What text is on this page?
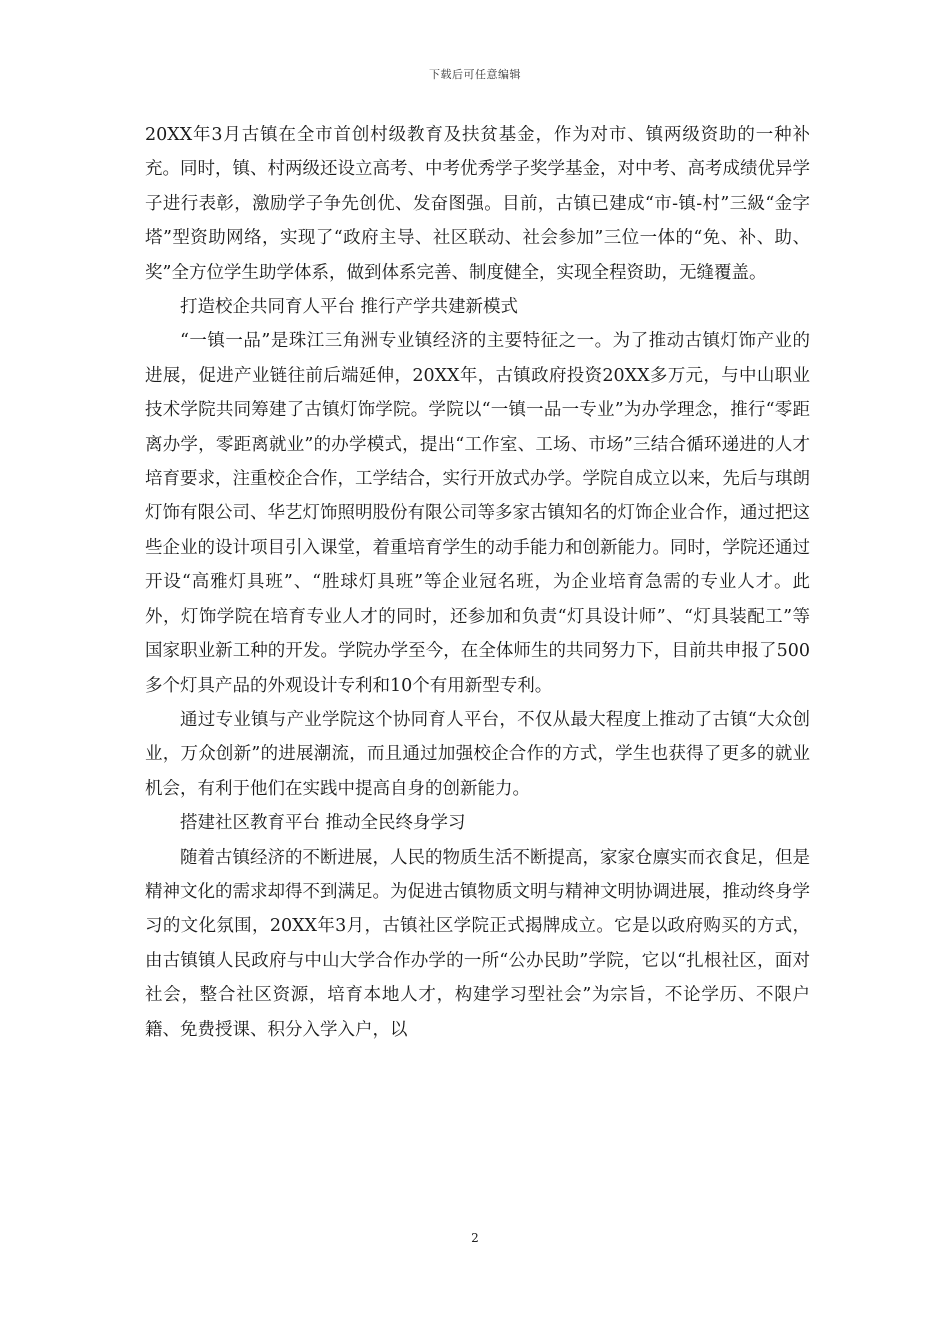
下载后可任意编辑

20XX年3月古镇在全市首创村级教育及扶贫基金，作为对市、镇两级资助的一种补充。同时，镇、村两级还设立高考、中考优秀学子奖学基金，对中考、高考成绩优异学子进行表彰，激励学子争先创优、发奋图强。目前，古镇已建成“市-镇-村”三級“金字塔”型资助网络，实现了“政府主导、社区联动、社会参加”三位一体的“免、补、助、奖”全方位学生助学体系，做到体系完善、制度健全，实现全程资助，无缝覆盖。

打造校企共同育人平台 推行产学共建新模式

“一镇一品”是珠江三角洲专业镇经济的主要特征之一。为了推动古镇灯饰产业的进展，促进产业链往前后端延伸，20XX年，古镇政府投资20XX多万元，与中山职业技术学院共同筹建了古镇灯饰学院。学院以“一镇一品一专业”为办学理念，推行“零距离办学，零距离就业”的办学模式，提出“工作室、工场、市场”三结合循环递进的人才培育要求，注重校企合作，工学结合，实行开放式办学。学院自成立以来，先后与琪朗灯饰有限公司、华艺灯饰照明股份有限公司等多家古镇知名的灯饰企业合作，通过把这些企业的设计项目引入课堂，着重培育学生的动手能力和创新能力。同时，学院还通过开设“高雅灯具班”、“胜球灯具班”等企业冠名班，为企业培育急需的专业人才。此外，灯饰学院在培育专业人才的同时，还参加和负责“灯具设计师”、“灯具装配工”等国家职业新工种的开发。学院办学至今，在全体师生的共同努力下，目前共申报了500多个灯具产品的外观设计专利和10个有用新型专利。

通过专业镇与产业学院这个协同育人平台，不仅从最大程度上推动了古镇“大众创业，万众创新”的进展潮流，而且通过加强校企合作的方式，学生也获得了更多的就业机会，有利于他们在实践中提高自身的创新能力。

搭建社区教育平台 推动全民终身学习

随着古镇经济的不断进展，人民的物质生活不断提高，家家仓廪实而衣食足，但是精神文化的需求却得不到满足。为促进古镇物质文明与精神文明协调进展，推动终身学习的文化氛围，20XX年3月，古镇社区学院正式揭牌成立。它是以政府购买的方式，由古镇镇人民政府与中山大学合作办学的一所“公办民助”学院，它以“扎根社区，面对社会，整合社区资源，培育本地人才，构建学习型社会”为宗旨，不论学历、不限户籍、免费授课、积分入学入户，以

2
